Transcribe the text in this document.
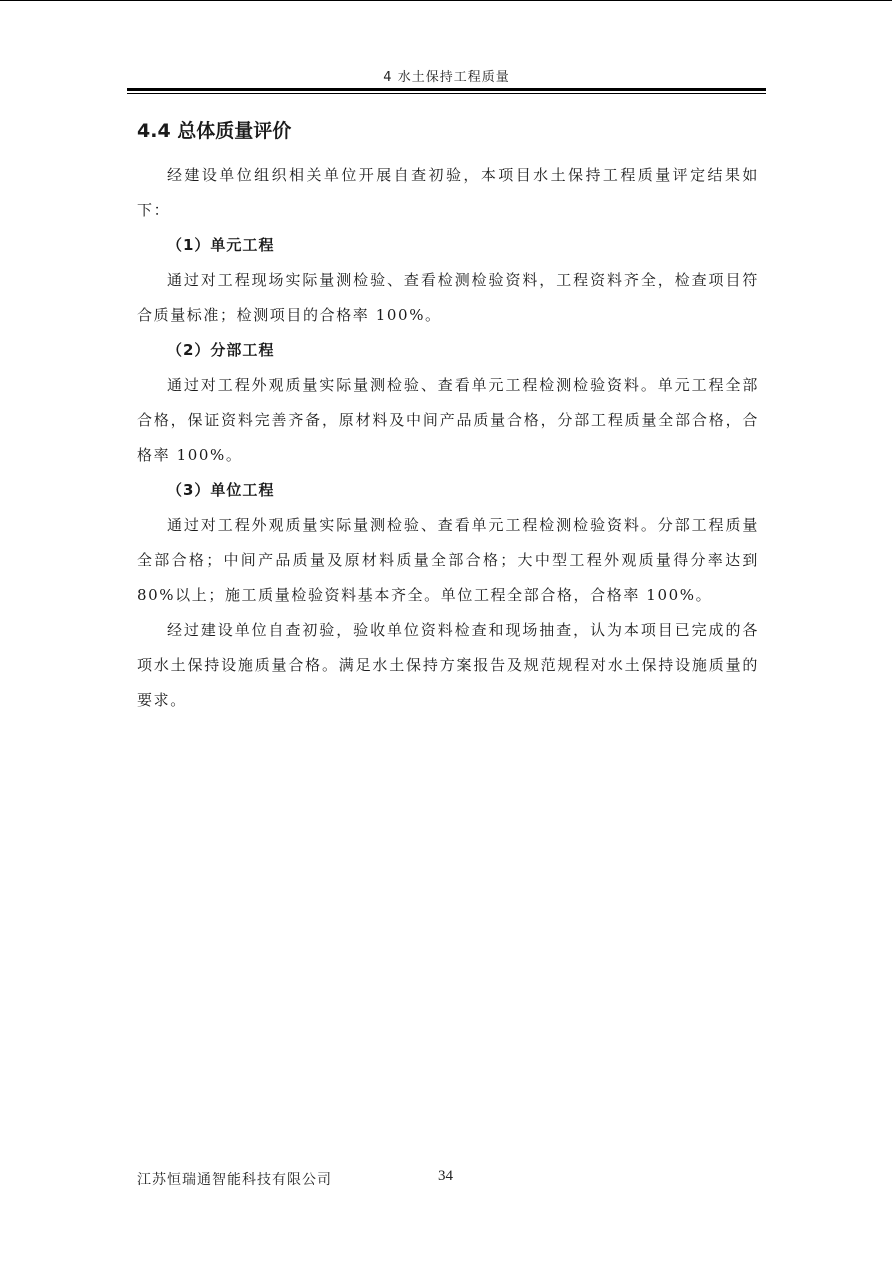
4 水土保持工程质量
4.4 总体质量评价

经建设单位组织相关单位开展自查初验，本项目水土保持工程质量评定结果如下：

（1）单元工程

通过对工程现场实际量测检验、查看检测检验资料，工程资料齐全，检查项目符合质量标准；检测项目的合格率 100%。

（2）分部工程

通过对工程外观质量实际量测检验、查看单元工程检测检验资料。单元工程全部合格，保证资料完善齐备，原材料及中间产品质量合格，分部工程质量全部合格，合格率 100%。

（3）单位工程

通过对工程外观质量实际量测检验、查看单元工程检测检验资料。分部工程质量全部合格；中间产品质量及原材料质量全部合格；大中型工程外观质量得分率达到 80%以上；施工质量检验资料基本齐全。单位工程全部合格，合格率 100%。

经过建设单位自查初验，验收单位资料检查和现场抽查，认为本项目已完成的各项水土保持设施质量合格。满足水土保持方案报告及规范规程对水土保持设施质量的要求。

江苏恒瑞通智能科技有限公司	34
